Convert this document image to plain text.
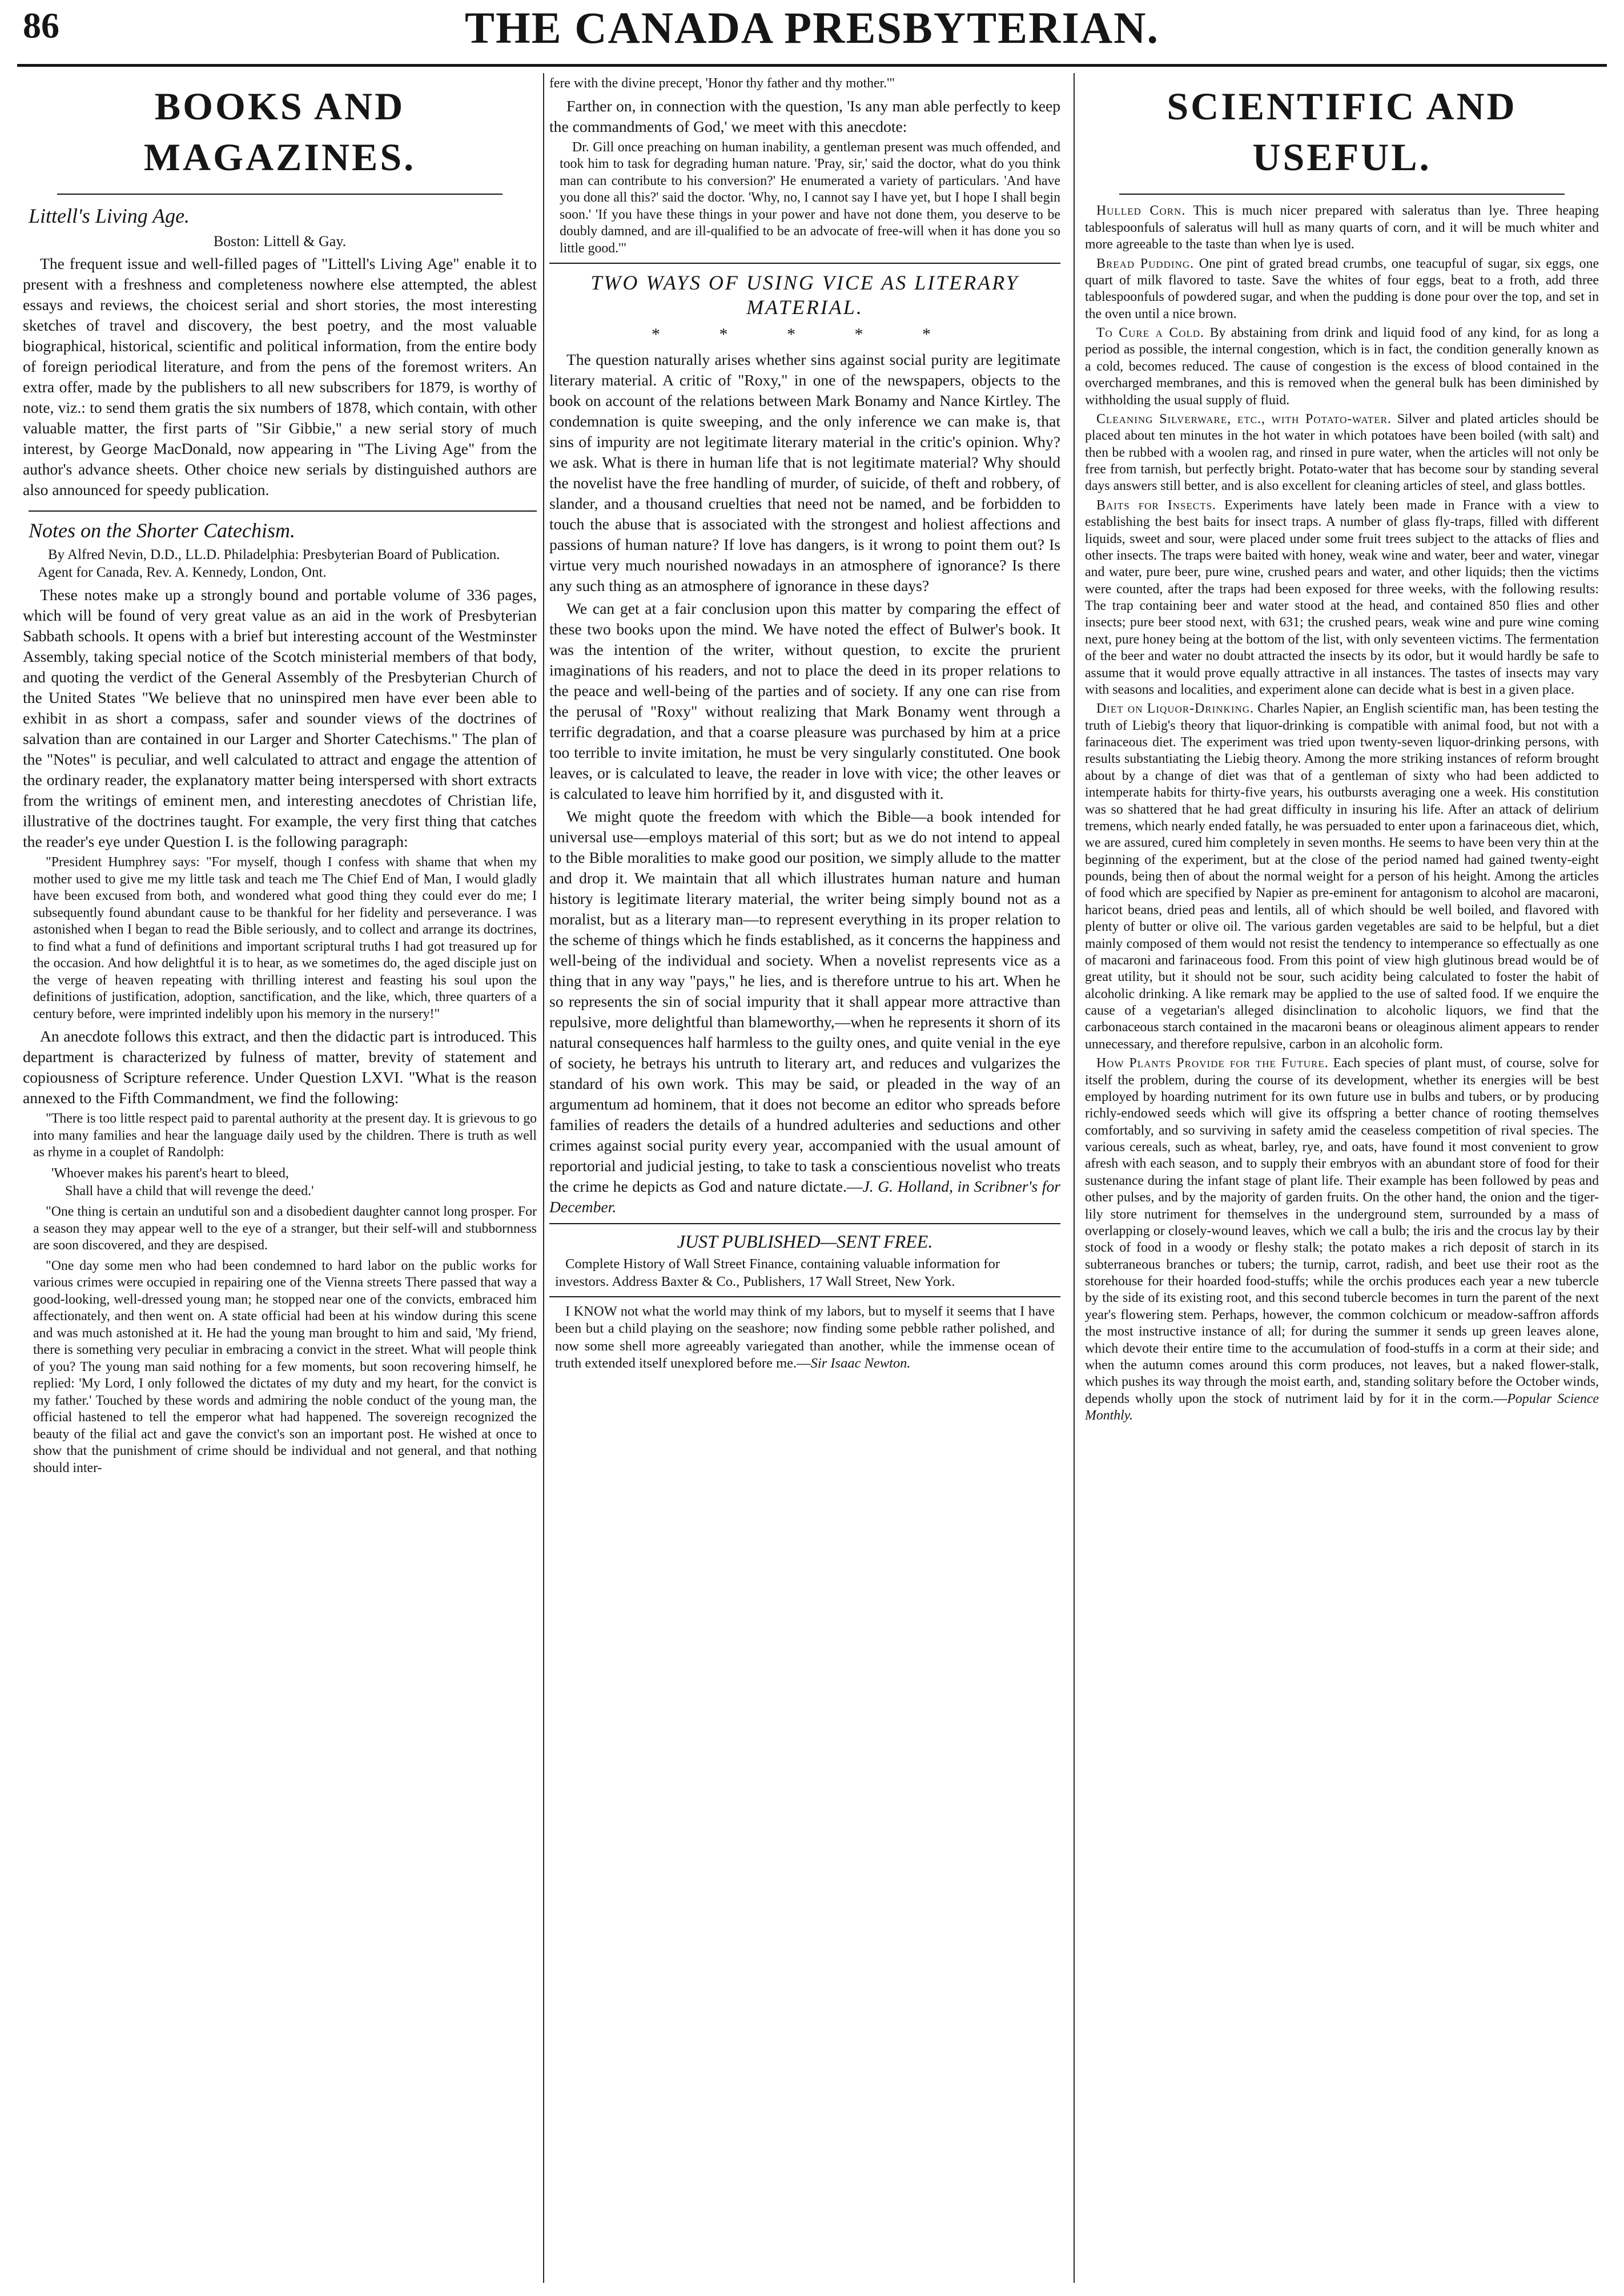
86	THE CANADA PRESBYTERIAN.
BOOKS AND MAGAZINES.
Littell's Living Age.
Boston: Littell & Gay.

The frequent issue and well-filled pages of "Littell's Living Age" enable it to present with a freshness and completeness nowhere else attempted, the ablest essays and reviews, the choicest serial and short stories, the most interesting sketches of travel and discovery, the best poetry, and the most valuable biographical, historical, scientific and political information, from the entire body of foreign periodical literature, and from the pens of the foremost writers. An extra offer, made by the publishers to all new subscribers for 1879, is worthy of note, viz.: to send them gratis the six numbers of 1878, which contain, with other valuable matter, the first parts of "Sir Gibbie," a new serial story of much interest, by George MacDonald, now appearing in "The Living Age" from the author's advance sheets. Other choice new serials by distinguished authors are also announced for speedy publication.

Notes on the Shorter Catechism.
By Alfred Nevin, D.D., LL.D. Philadelphia: Presbyterian Board of Publication. Agent for Canada, Rev. A. Kennedy, London, Ont.

These notes make up a strongly bound and portable volume of 336 pages, which will be found of very great value as an aid in the work of Presbyterian Sabbath schools. It opens with a brief but interesting account of the Westminster Assembly, taking special notice of the Scotch ministerial members of that body, and quoting the verdict of the General Assembly of the Presbyterian Church of the United States "We believe that no uninspired men have ever been able to exhibit in as short a compass, safer and sounder views of the doctrines of salvation than are contained in our Larger and Shorter Catechisms." The plan of the "Notes" is peculiar, and well calculated to attract and engage the attention of the ordinary reader, the explanatory matter being interspersed with short extracts from the writings of eminent men, and interesting anecdotes of Christian life, illustrative of the doctrines taught. For example, the very first thing that catches the reader's eye under Question I. is the following paragraph:

"President Humphrey says: "For myself, though I confess with shame that when my mother used to give me my little task and teach me The Chief End of Man, I would gladly have been excused from both, and wondered what good thing they could ever do me; I subsequently found abundant cause to be thankful for her fidelity and perseverance. I was astonished when I began to read the Bible seriously, and to collect and arrange its doctrines, to find what a fund of definitions and important scriptural truths I had got treasured up for the occasion. And how delightful it is to hear, as we sometimes do, the aged disciple just on the verge of heaven repeating with thrilling interest and feasting his soul upon the definitions of justification, adoption, sanctification, and the like, which, three quarters of a century before, were imprinted indelibly upon his memory in the nursery!"

An anecdote follows this extract, and then the didactic part is introduced. This department is characterized by fulness of matter, brevity of statement and copiousness of Scripture reference. Under Question LXVI. "What is the reason annexed to the Fifth Commandment, we find the following:

"There is too little respect paid to parental authority at the present day. It is grievous to go into many families and hear the language daily used by the children. There is truth as well as rhyme in a couplet of Randolph:

'Whoever makes his parent's heart to bleed,
Shall have a child that will revenge the deed.'

"One thing is certain an undutiful son and a disobedient daughter cannot long prosper. For a season they may appear well to the eye of a stranger, but their self-will and stubbornness are soon discovered, and they are despised.

"One day some men who had been condemned to hard labor on the public works for various crimes were occupied in repairing one of the Vienna streets There passed that way a good-looking, well-dressed young man; he stopped near one of the convicts, embraced him affectionately, and then went on. A state official had been at his window during this scene and was much astonished at it. He had the young man brought to him and said, 'My friend, there is something very peculiar in embracing a convict in the street. What will people think of you? The young man said nothing for a few moments, but soon recovering himself, he replied: 'My Lord, I only followed the dictates of my duty and my heart, for the convict is my father.' Touched by these words and admiring the noble conduct of the young man, the official hastened to tell the emperor what had happened. The sovereign recognized the beauty of the filial act and gave the convict's son an important post. He wished at once to show that the punishment of crime should be individual and not general, and that nothing should inter-

fere with the divine precept, 'Honor thy father and thy mother.'"

Farther on, in connection with the question, 'Is any man able perfectly to keep the commandments of God,' we meet with this anecdote:

Dr. Gill once preaching on human inability, a gentleman present was much offended, and took him to task for degrading human nature. 'Pray, sir,' said the doctor, what do you think man can contribute to his conversion?' He enumerated a variety of particulars. 'And have you done all this?' said the doctor. 'Why, no, I cannot say I have yet, but I hope I shall begin soon.' 'If you have these things in your power and have not done them, you deserve to be doubly damned, and are ill-qualified to be an advocate of free-will when it has done you so little good.'"

TWO WAYS OF USING VICE AS LITERARY MATERIAL.
* * * * *

The question naturally arises whether sins against social purity are legitimate literary material. A critic of "Roxy," in one of the newspapers, objects to the book on account of the relations between Mark Bonamy and Nance Kirtley. The condemnation is quite sweeping, and the only inference we can make is, that sins of impurity are not legitimate literary material in the critic's opinion. Why? we ask. What is there in human life that is not legitimate material? Why should the novelist have the free handling of murder, of suicide, of theft and robbery, of slander, and a thousand cruelties that need not be named, and be forbidden to touch the abuse that is associated with the strongest and holiest affections and passions of human nature? If love has dangers, is it wrong to point them out? Is virtue very much nourished nowadays in an atmosphere of ignorance? Is there any such thing as an atmosphere of ignorance in these days?

We can get at a fair conclusion upon this matter by comparing the effect of these two books upon the mind. We have noted the effect of Bulwer's book. It was the intention of the writer, without question, to excite the prurient imaginations of his readers, and not to place the deed in its proper relations to the peace and well-being of the parties and of society. If any one can rise from the perusal of "Roxy" without realizing that Mark Bonamy went through a terrific degradation, and that a coarse pleasure was purchased by him at a price too terrible to invite imitation, he must be very singularly constituted. One book leaves, or is calculated to leave, the reader in love with vice; the other leaves or is calculated to leave him horrified by it, and disgusted with it.

We might quote the freedom with which the Bible—a book intended for universal use—employs material of this sort; but as we do not intend to appeal to the Bible moralities to make good our position, we simply allude to the matter and drop it. We maintain that all which illustrates human nature and human history is legitimate literary material, the writer being simply bound not as a moralist, but as a literary man—to represent everything in its proper relation to the scheme of things which he finds established, as it concerns the happiness and well-being of the individual and society. When a novelist represents vice as a thing that in any way "pays," he lies, and is therefore untrue to his art. When he so represents the sin of social impurity that it shall appear more attractive than repulsive, more delightful than blameworthy,—when he represents it shorn of its natural consequences half harmless to the guilty ones, and quite venial in the eye of society, he betrays his untruth to literary art, and reduces and vulgarizes the standard of his own work. This may be said, or pleaded in the way of an argumentum ad hominem, that it does not become an editor who spreads before families of readers the details of a hundred adulteries and seductions and other crimes against social purity every year, accompanied with the usual amount of reportorial and judicial jesting, to take to task a conscientious novelist who treats the crime he depicts as God and nature dictate.—J. G. Holland, in Scribner's for December.

JUST PUBLISHED—SENT FREE.
Complete History of Wall Street Finance, containing valuable information for investors. Address Baxter & Co., Publishers, 17 Wall Street, New York.

I KNOW not what the world may think of my labors, but to myself it seems that I have been but a child playing on the seashore; now finding some pebble rather polished, and now some shell more agreeably variegated than another, while the immense ocean of truth extended itself unexplored before me.—Sir Isaac Newton.

SCIENTIFIC AND USEFUL.

Hulled Corn. This is much nicer prepared with saleratus than lye. Three heaping tablespoonfuls of saleratus will hull as many quarts of corn, and it will be much whiter and more agreeable to the taste than when lye is used.

Bread Pudding. One pint of grated bread crumbs, one teacupful of sugar, six eggs, one quart of milk flavored to taste. Save the whites of four eggs, beat to a froth, add three tablespoonfuls of powdered sugar, and when the pudding is done pour over the top, and set in the oven until a nice brown.

To Cure a Cold. By abstaining from drink and liquid food of any kind, for as long a period as possible, the internal congestion, which is in fact, the condition generally known as a cold, becomes reduced. The cause of congestion is the excess of blood contained in the overcharged membranes, and this is removed when the general bulk has been diminished by withholding the usual supply of fluid.

Cleaning Silverware, etc., with Potato-water. Silver and plated articles should be placed about ten minutes in the hot water in which potatoes have been boiled (with salt) and then be rubbed with a woolen rag, and rinsed in pure water, when the articles will not only be free from tarnish, but perfectly bright. Potato-water that has become sour by standing several days answers still better, and is also excellent for cleaning articles of steel, and glass bottles.

Baits for Insects. Experiments have lately been made in France with a view to establishing the best baits for insect traps. A number of glass fly-traps, filled with different liquids, sweet and sour, were placed under some fruit trees subject to the attacks of flies and other insects. The traps were baited with honey, weak wine and water, beer and water, vinegar and water, pure beer, pure wine, crushed pears and water, and other liquids; then the victims were counted, after the traps had been exposed for three weeks, with the following results: The trap containing beer and water stood at the head, and contained 850 flies and other insects; pure beer stood next, with 631; the crushed pears, weak wine and pure wine coming next, pure honey being at the bottom of the list, with only seventeen victims. The fermentation of the beer and water no doubt attracted the insects by its odor, but it would hardly be safe to assume that it would prove equally attractive in all instances. The tastes of insects may vary with seasons and localities, and experiment alone can decide what is best in a given place.

Diet on Liquor-Drinking. Charles Napier, an English scientific man, has been testing the truth of Liebig's theory that liquor-drinking is compatible with animal food, but not with a farinaceous diet. The experiment was tried upon twenty-seven liquor-drinking persons, with results substantiating the Liebig theory. Among the more striking instances of reform brought about by a change of diet was that of a gentleman of sixty who had been addicted to intemperate habits for thirty-five years, his outbursts averaging one a week. His constitution was so shattered that he had great difficulty in insuring his life. After an attack of delirium tremens, which nearly ended fatally, he was persuaded to enter upon a farinaceous diet, which, we are assured, cured him completely in seven months. He seems to have been very thin at the beginning of the experiment, but at the close of the period named had gained twenty-eight pounds, being then of about the normal weight for a person of his height. Among the articles of food which are specified by Napier as pre-eminent for antagonism to alcohol are macaroni, haricot beans, dried peas and lentils, all of which should be well boiled, and flavored with plenty of butter or olive oil. The various garden vegetables are said to be helpful, but a diet mainly composed of them would not resist the tendency to intemperance so effectually as one of macaroni and farinaceous food. From this point of view high glutinous bread would be of great utility, but it should not be sour, such acidity being calculated to foster the habit of alcoholic drinking. A like remark may be applied to the use of salted food. If we enquire the cause of a vegetarian's alleged disinclination to alcoholic liquors, we find that the carbonaceous starch contained in the macaroni beans or oleaginous aliment appears to render unnecessary, and therefore repulsive, carbon in an alcoholic form.

How Plants Provide for the Future. Each species of plant must, of course, solve for itself the problem, during the course of its development, whether its energies will be best employed by hoarding nutriment for its own future use in bulbs and tubers, or by producing richly-endowed seeds which will give its offspring a better chance of rooting themselves comfortably, and so surviving in safety amid the ceaseless competition of rival species. The various cereals, such as wheat, barley, rye, and oats, have found it most convenient to grow afresh with each season, and to supply their embryos with an abundant store of food for their sustenance during the infant stage of plant life. Their example has been followed by peas and other pulses, and by the majority of garden fruits. On the other hand, the onion and the tiger-lily store nutriment for themselves in the underground stem, surrounded by a mass of overlapping or closely-wound leaves, which we call a bulb; the iris and the crocus lay by their stock of food in a woody or fleshy stalk; the potato makes a rich deposit of starch in its subterraneous branches or tubers; the turnip, carrot, radish, and beet use their root as the storehouse for their hoarded food-stuffs; while the orchis produces each year a new tubercle by the side of its existing root, and this second tubercle becomes in turn the parent of the next year's flowering stem. Perhaps, however, the common colchicum or meadow-saffron affords the most instructive instance of all; for during the summer it sends up green leaves alone, which devote their entire time to the accumulation of food-stuffs in a corm at their side; and when the autumn comes around this corm produces, not leaves, but a naked flower-stalk, which pushes its way through the moist earth, and, standing solitary before the October winds, depends wholly upon the stock of nutriment laid by for it in the corm.—Popular Science Monthly.
